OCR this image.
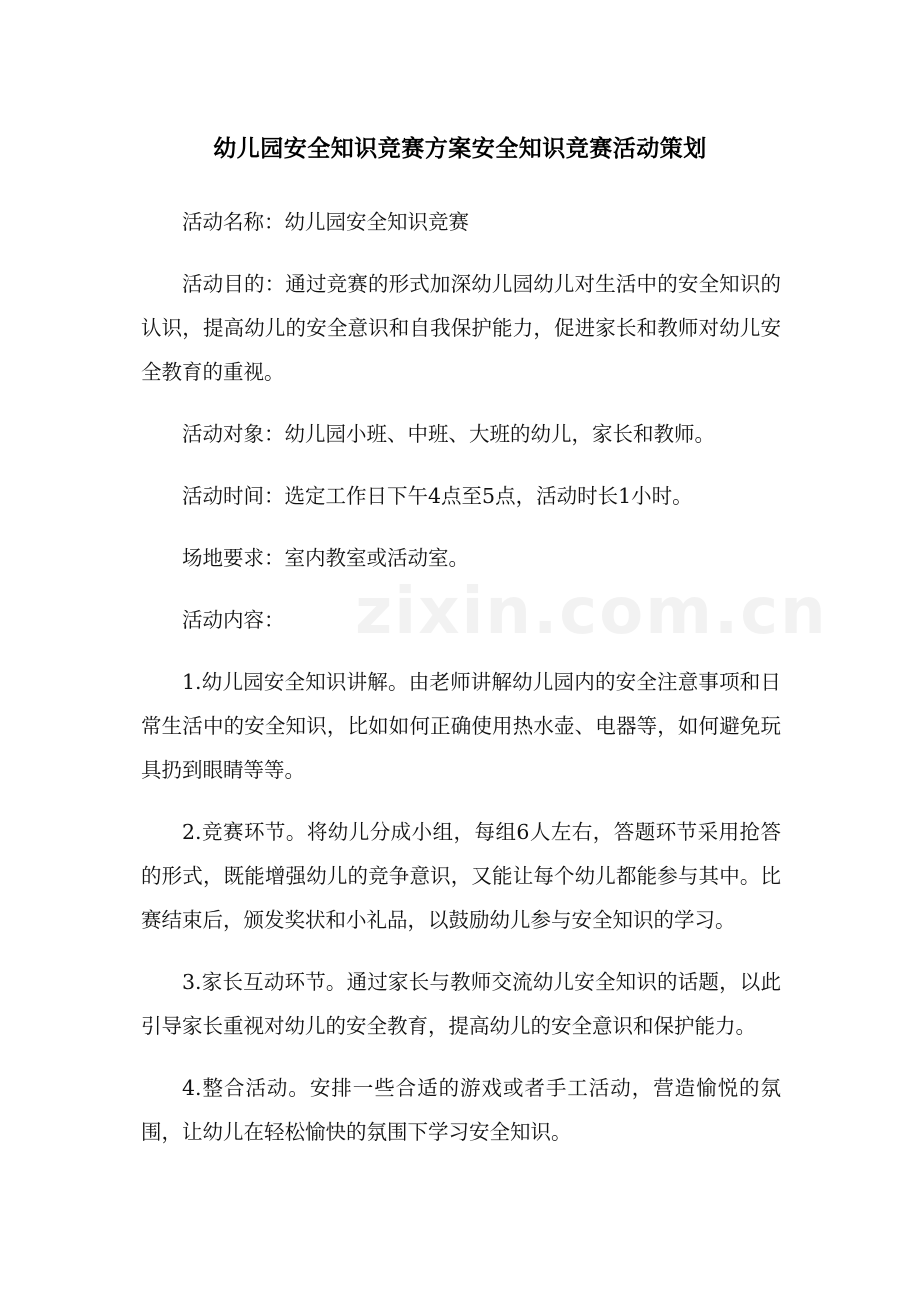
幼儿园安全知识竞赛方案安全知识竞赛活动策划

活动名称：幼儿园安全知识竞赛

活动目的：通过竞赛的形式加深幼儿园幼儿对生活中的安全知识的认识，提高幼儿的安全意识和自我保护能力，促进家长和教师对幼儿安全教育的重视。

活动对象：幼儿园小班、中班、大班的幼儿，家长和教师。

活动时间：选定工作日下午4点至5点，活动时长1小时。

场地要求：室内教室或活动室。

活动内容：

1.幼儿园安全知识讲解。由老师讲解幼儿园内的安全注意事项和日常生活中的安全知识，比如如何正确使用热水壶、电器等，如何避免玩具扔到眼睛等等。

2.竞赛环节。将幼儿分成小组，每组6人左右，答题环节采用抢答的形式，既能增强幼儿的竞争意识，又能让每个幼儿都能参与其中。比赛结束后，颁发奖状和小礼品，以鼓励幼儿参与安全知识的学习。

3.家长互动环节。通过家长与教师交流幼儿安全知识的话题，以此引导家长重视对幼儿的安全教育，提高幼儿的安全意识和保护能力。

4.整合活动。安排一些合适的游戏或者手工活动，营造愉悦的氛围，让幼儿在轻松愉快的氛围下学习安全知识。

zixin.com.cn
